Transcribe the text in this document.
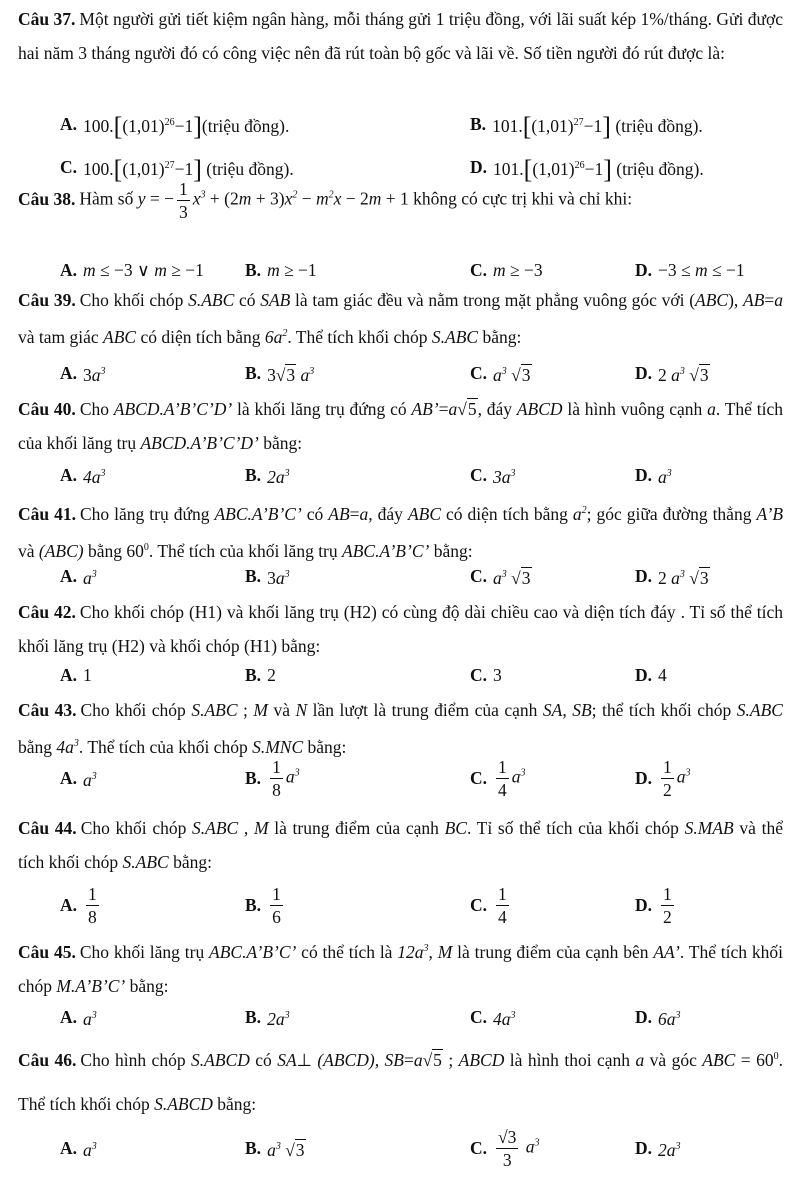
Câu 37. Một người gửi tiết kiệm ngân hàng, mỗi tháng gửi 1 triệu đồng, với lãi suất kép 1%/tháng. Gửi được hai năm 3 tháng người đó có công việc nên đã rút toàn bộ gốc và lãi về. Số tiền người đó rút được là:
A. $100.[(1,01)^{26}-1](triệu$ đồng).	B. $101.[(1,01)^{27}-1]$ (triệu đồng).
C. $100.[(1,01)^{27}-1]$ (triệu đồng).	D. $101.[(1,01)^{26}-1]$ (triệu đồng).
Câu 38. Hàm số y = − $\frac{1}{3} x^3 + (2m + 3)x^2 - m^2x - 2m + 1$ không có cực trị khi và chỉ khi:
A. m ≤ −3 ∨ m ≥ −1 B. m ≥ −1	C. m ≥ −3	D. −3 ≤ m ≤ −1
Câu 39. Cho khối chóp S.ABC có SAB là tam giác đều và nằm trong mặt phẳng vuông góc với (ABC), AB=a và tam giác ABC có diện tích bằng $6a^2$. Thể tích khối chóp S.ABC bằng:
A. $3a^3$	B. 3√3 $a^3$	C. $a^3$ √3	D. 2 $a^3$ √3
Câu 40. Cho ABCD.A’B’C’D’ là khối lăng trụ đứng có AB’=a√5, đáy ABCD là hình vuông cạnh a. Thể tích của khối lăng trụ ABCD.A’B’C’D’ bằng:
A. $4a^3$	B. $2a^3$	C. $3a^3$	D. $a^3$
Câu 41. Cho lăng trụ đứng ABC.A’B’C’ có AB=a, đáy ABC có diện tích bằng $a^2$; góc giữa đường thẳng A’B và (ABC) bằng $60^0$. Thể tích của khối lăng trụ ABC.A’B’C’ bằng:
A. $a^3$	B. $3a^3$	C. $a^3$ √3	D. 2 $a^3$ √3
Câu 42. Cho khối chóp (H1) và khối lăng trụ (H2) có cùng độ dài chiều cao và diện tích đáy . Tỉ số thể tích khối lăng trụ (H2) và khối chóp (H1) bằng:
A. 1	B. 2	C. 3	D. 4
Câu 43. Cho khối chóp S.ABC ; M và N lần lượt là trung điểm của cạnh SA, SB; thể tích khối chóp S.ABC bằng $4a^3$. Thể tích của khối chóp S.MNC bằng:
A. $a^3$	B. $\frac{1}{8} a^3$	C. $\frac{1}{4} a^3$	D. $\frac{1}{2} a^3$
Câu 44. Cho khối chóp S.ABC , M là trung điểm của cạnh BC. Tỉ số thể tích của khối chóp S.MAB và thể tích khối chóp S.ABC bằng:
A. $\frac{1}{8}$	B. $\frac{1}{6}$	C. $\frac{1}{4}$	D. $\frac{1}{2}$
Câu 45. Cho khối lăng trụ ABC.A’B’C’ có thể tích là $12a^3$, M là trung điểm của cạnh bên AA’. Thể tích khối chóp M.A’B’C’ bằng:
A. $a^3$	B. $2a^3$	C. $4a^3$	D. $6a^3$
Câu 46. Cho hình chóp S.ABCD có SA⊥ (ABCD), SB=a√5 ; ABCD là hình thoi cạnh a và góc ^ ABC = $60^0$. Thể tích khối chóp S.ABCD bằng:
A. $a^3$	B. $a^3$ √3	C. $\frac{√3}{3} a^3$	D. $2a^3$
